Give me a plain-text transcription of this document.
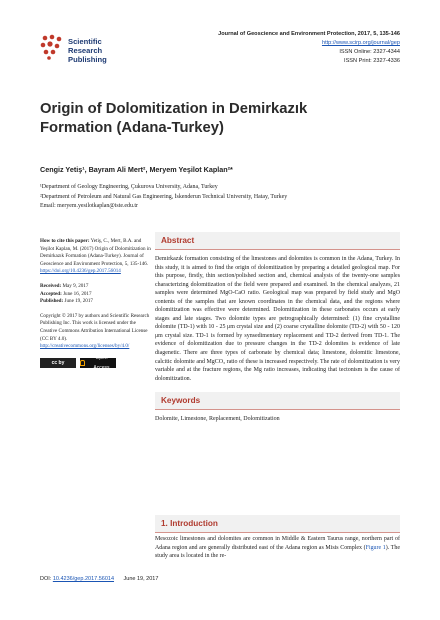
Scientific
Research
Publishing
Journal of Geoscience and Environment Protection, 2017, 5, 135-146
http://www.scirp.org/journal/gep
ISSN Online: 2327-4344
ISSN Print: 2327-4336
Origin of Dolomitization in Demirkazık
Formation (Adana-Turkey)
Cengiz Yetiş¹, Bayram Ali Mert², Meryem Yeşilot Kaplan²*
¹Department of Geology Engineering, Çukurova University, Adana, Turkey
²Department of Petroleum and Natural Gas Engineering, İskenderun Technical University, Hatay, Turkey
Email: meryem.yesilotkaplan@iste.edu.tr

How to cite this paper: Yetiş, C., Mert, B.A. and Yeşilot Kaplan, M. (2017) Origin of Dolomitization in Demirkazık Formation (Adana-Turkey). Journal of Geoscience and Environment Protection, 5, 135-146.
https://doi.org/10.4236/gep.2017.56014

Received: May 9, 2017
Accepted: June 16, 2017
Published: June 19, 2017

Copyright © 2017 by authors and Scientific Research Publishing Inc. This work is licensed under the Creative Commons Attribution International License (CC BY 4.0).
http://creativecommons.org/licenses/by/4.0/

cc by
Open Access
Abstract
Demirkazık formation consisting of the limestones and dolomites is common in the Adana, Turkey. In this study, it is aimed to find the origin of dolomitization by preparing a detailed geological map. For this purpose, firstly, thin section/polished section and, chemical analysis of the twenty-one samples characterizing dolomitization of the field were prepared and examined. In the chemical analyzes, 21 samples were determined MgO-CaO ratio. Geological map was prepared by field study and MgO contents of the samples that are known coordinates in the chemical data, and the regions where dolomitization was effective were determined. Dolomitization in these carbonates occurs at early stages and late stages. Two dolomite types are petrographically determined: (1) fine crystalline dolomite (TD-1) with 10 - 25 μm crystal size and (2) coarse crystalline dolomite (TD-2) with 50 - 120 μm crystal size. TD-1 is formed by synsedimentary replacement and TD-2 derived from TD-1. The evidence of dolomitization due to pressure changes in the TD-2 dolomites is evidence of late diagenetic. There are three types of carbonate by chemical data; limestone, dolomitic limestone, calcitic dolomite and MgCO₃ ratio of these is increased respectively. The rate of dolomitization is very variable and at the fracture regions, the Mg ratio increases, indicating that tectonism is the cause of dolomitization.
Keywords
Dolomite, Limestone, Replacement, Dolomitization
1. Introduction
Mesozoic limestones and dolomites are common in Middle & Eastern Taurus range, northern part of Adana region and are generally distributed east of the Adana region as Misis Complex (Figure 1). The study area is located in the re-
DOI: 10.4236/gep.2017.56014 June 19, 2017
